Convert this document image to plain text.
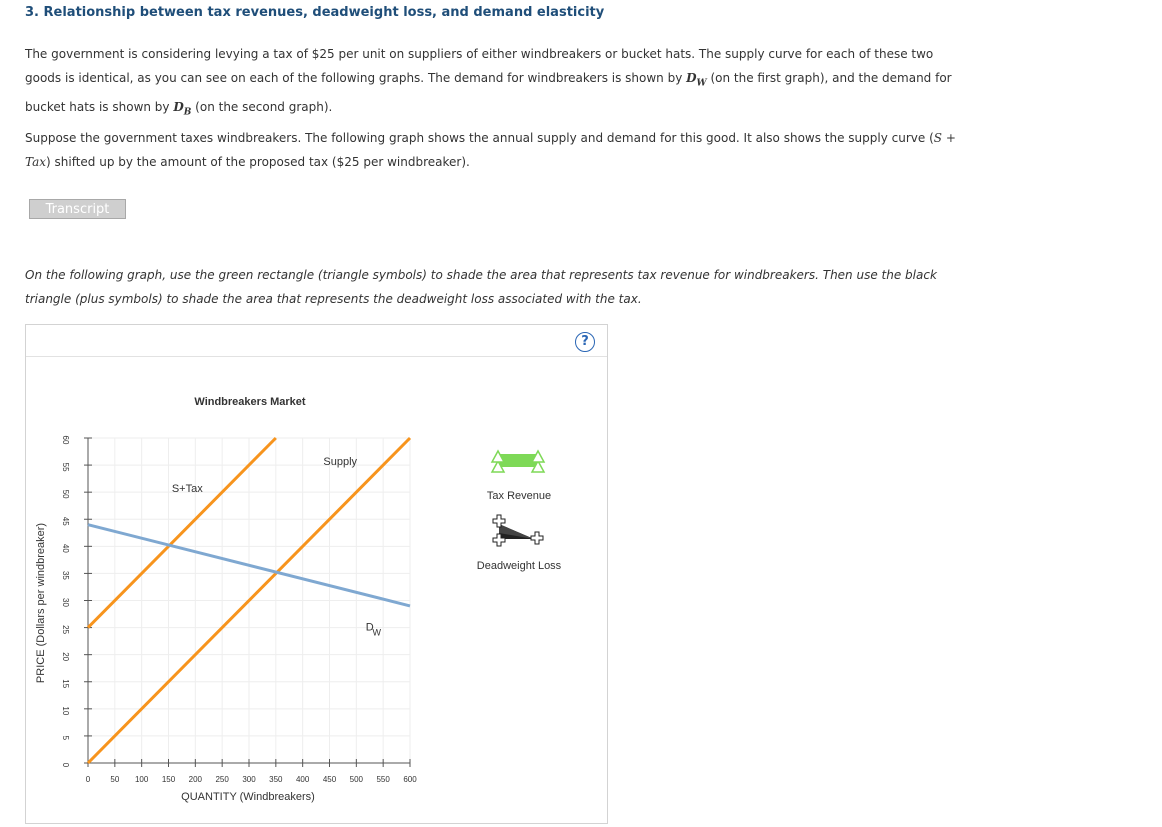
3. Relationship between tax revenues, deadweight loss, and demand elasticity
The government is considering levying a tax of $25 per unit on suppliers of either windbreakers or bucket hats. The supply curve for each of these two goods is identical, as you can see on each of the following graphs. The demand for windbreakers is shown by $D_W$ (on the first graph), and the demand for bucket hats is shown by $D_B$ (on the second graph).
Suppose the government taxes windbreakers. The following graph shows the annual supply and demand for this good. It also shows the supply curve (S + Tax) shifted up by the amount of the proposed tax ($25 per windbreaker).
Transcript
On the following graph, use the green rectangle (triangle symbols) to shade the area that represents tax revenue for windbreakers. Then use the black triangle (plus symbols) to shade the area that represents the deadweight loss associated with the tax.
?
0
5
10
15
20
25
30
35
40
45
50
55
60
0	50 100 150 200 250 300 350 400 450 500 550 600
Windbreakers Market
QUANTITY (Windbreakers)
PRICE (Dollars per windbreaker)
Supply
S+Tax
D
W
Tax Revenue
Deadweight Loss
